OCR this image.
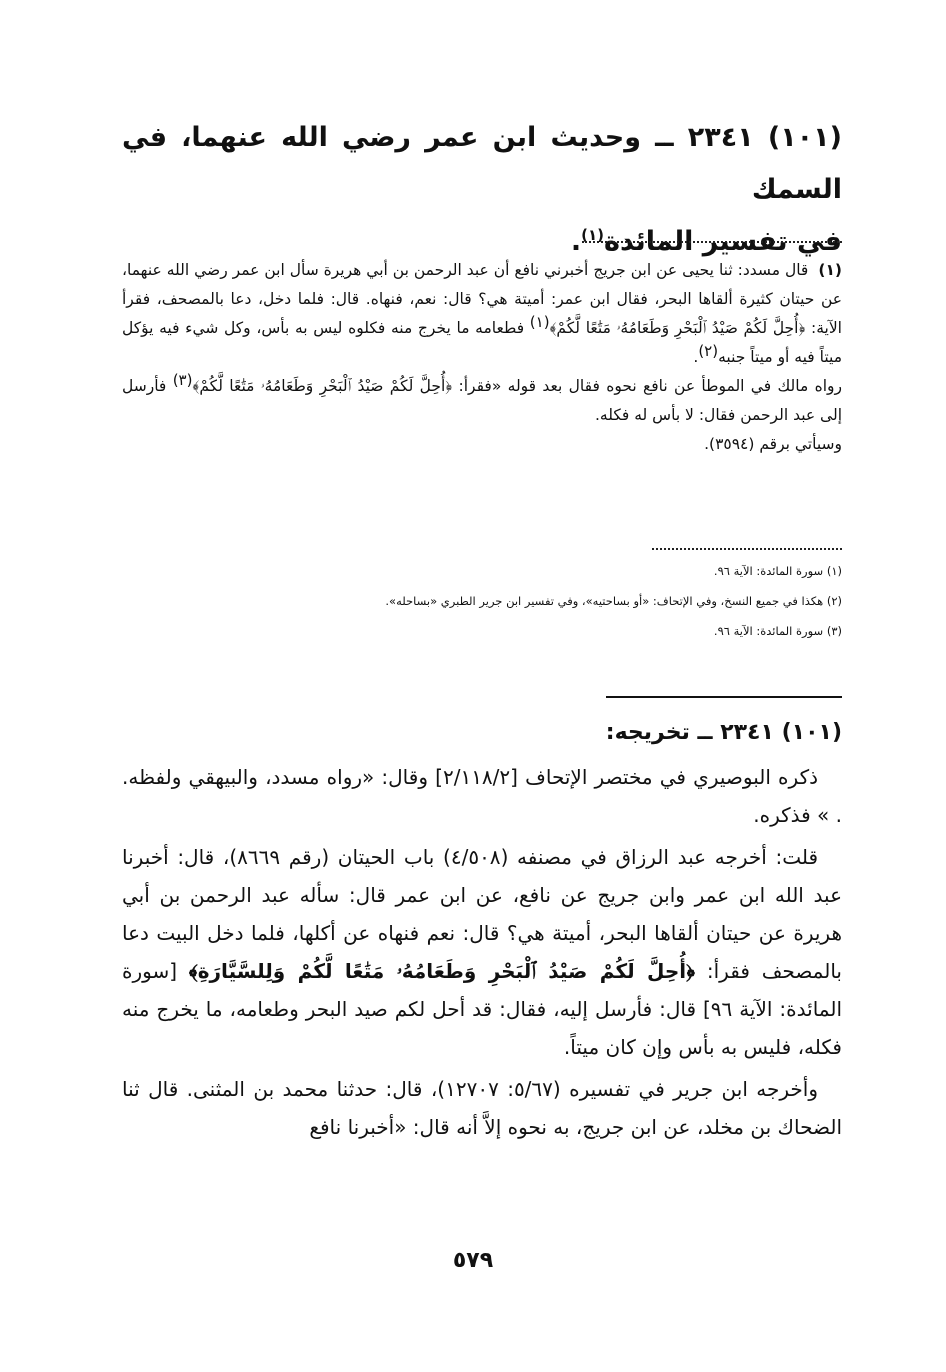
(١٠١) ٢٣٤١ ــ وحديث ابن عمر رضي الله عنهما، في السمك
في تفسير المائدة$^{(١)}$.

(١)قال مسدد: ثنا يحيى عن ابن جريج أخبرني نافع أن عبد الرحمن بن أبي هريرة سأل ابن عمر رضي الله عنهما، عن حيتان كثيرة ألقاها البحر، فقال ابن عمر: أميتة هي؟ قال: نعم، فنهاه. قال: فلما دخل، دعا بالمصحف، فقرأ الآية: ﴿أُحِلَّ لَكُمْ صَيْدُ ٱلْبَحْرِ وَطَعَامُهُۥ مَتَٰعًا لَّكُمْ﴾(١) فطعامه ما يخرج منه فكلوه ليس به بأس، وكل شيء فيه يؤكل ميتاً فيه أو ميتاً جنبه(٢).

رواه مالك في الموطأ عن نافع نحوه فقال بعد قوله «فقرأ: ﴿أُحِلَّ لَكُمْ صَيْدُ ٱلْبَحْرِ وَطَعَامُهُۥ مَتَٰعًا لَّكُمْ﴾(٣) فأرسل إلى عبد الرحمن فقال: لا بأس له فكله.

وسيأتي برقم (٣٥٩٤).

(١) سورة المائدة: الآية ٩٦.

(٢) هكذا في جميع النسخ، وفي الإتحاف: «أو بساحتيه»، وفي تفسير ابن جرير الطبري «بساحله».

(٣) سورة المائدة: الآية ٩٦.

(١٠١) ٢٣٤١ ــ تخريجه:

ذكره البوصيري في مختصر الإتحاف [٢/١١٨/٢] وقال: «رواه مسدد، والبيهقي ولفظه. . » فذكره.

قلت: أخرجه عبد الرزاق في مصنفه (٤/٥٠٨) باب الحيتان (رقم ٨٦٦٩)، قال: أخبرنا عبد الله ابن عمر وابن جريج عن نافع، عن ابن عمر قال: سأله عبد الرحمن بن أبي هريرة عن حيتان ألقاها البحر، أميتة هي؟ قال: نعم فنهاه عن أكلها، فلما دخل البيت دعا بالمصحف فقرأ: ﴿أُحِلَّ لَكُمْ صَيْدُ ٱلْبَحْرِ وَطَعَامُهُۥ مَتَٰعًا لَّكُمْ وَلِلسَّيَّارَةِ﴾ [سورة المائدة: الآية ٩٦] قال: فأرسل إليه، فقال: قد أحل لكم صيد البحر وطعامه، ما يخرج منه فكله، فليس به بأس وإن كان ميتاً.

وأخرجه ابن جرير في تفسيره (٥/٦٧: ١٢٧٠٧)، قال: حدثنا محمد بن المثنى. قال ثنا الضحاك بن مخلد، عن ابن جريج، به نحوه إلاَّ أنه قال: «أخبرنا نافع

٥٧٩
